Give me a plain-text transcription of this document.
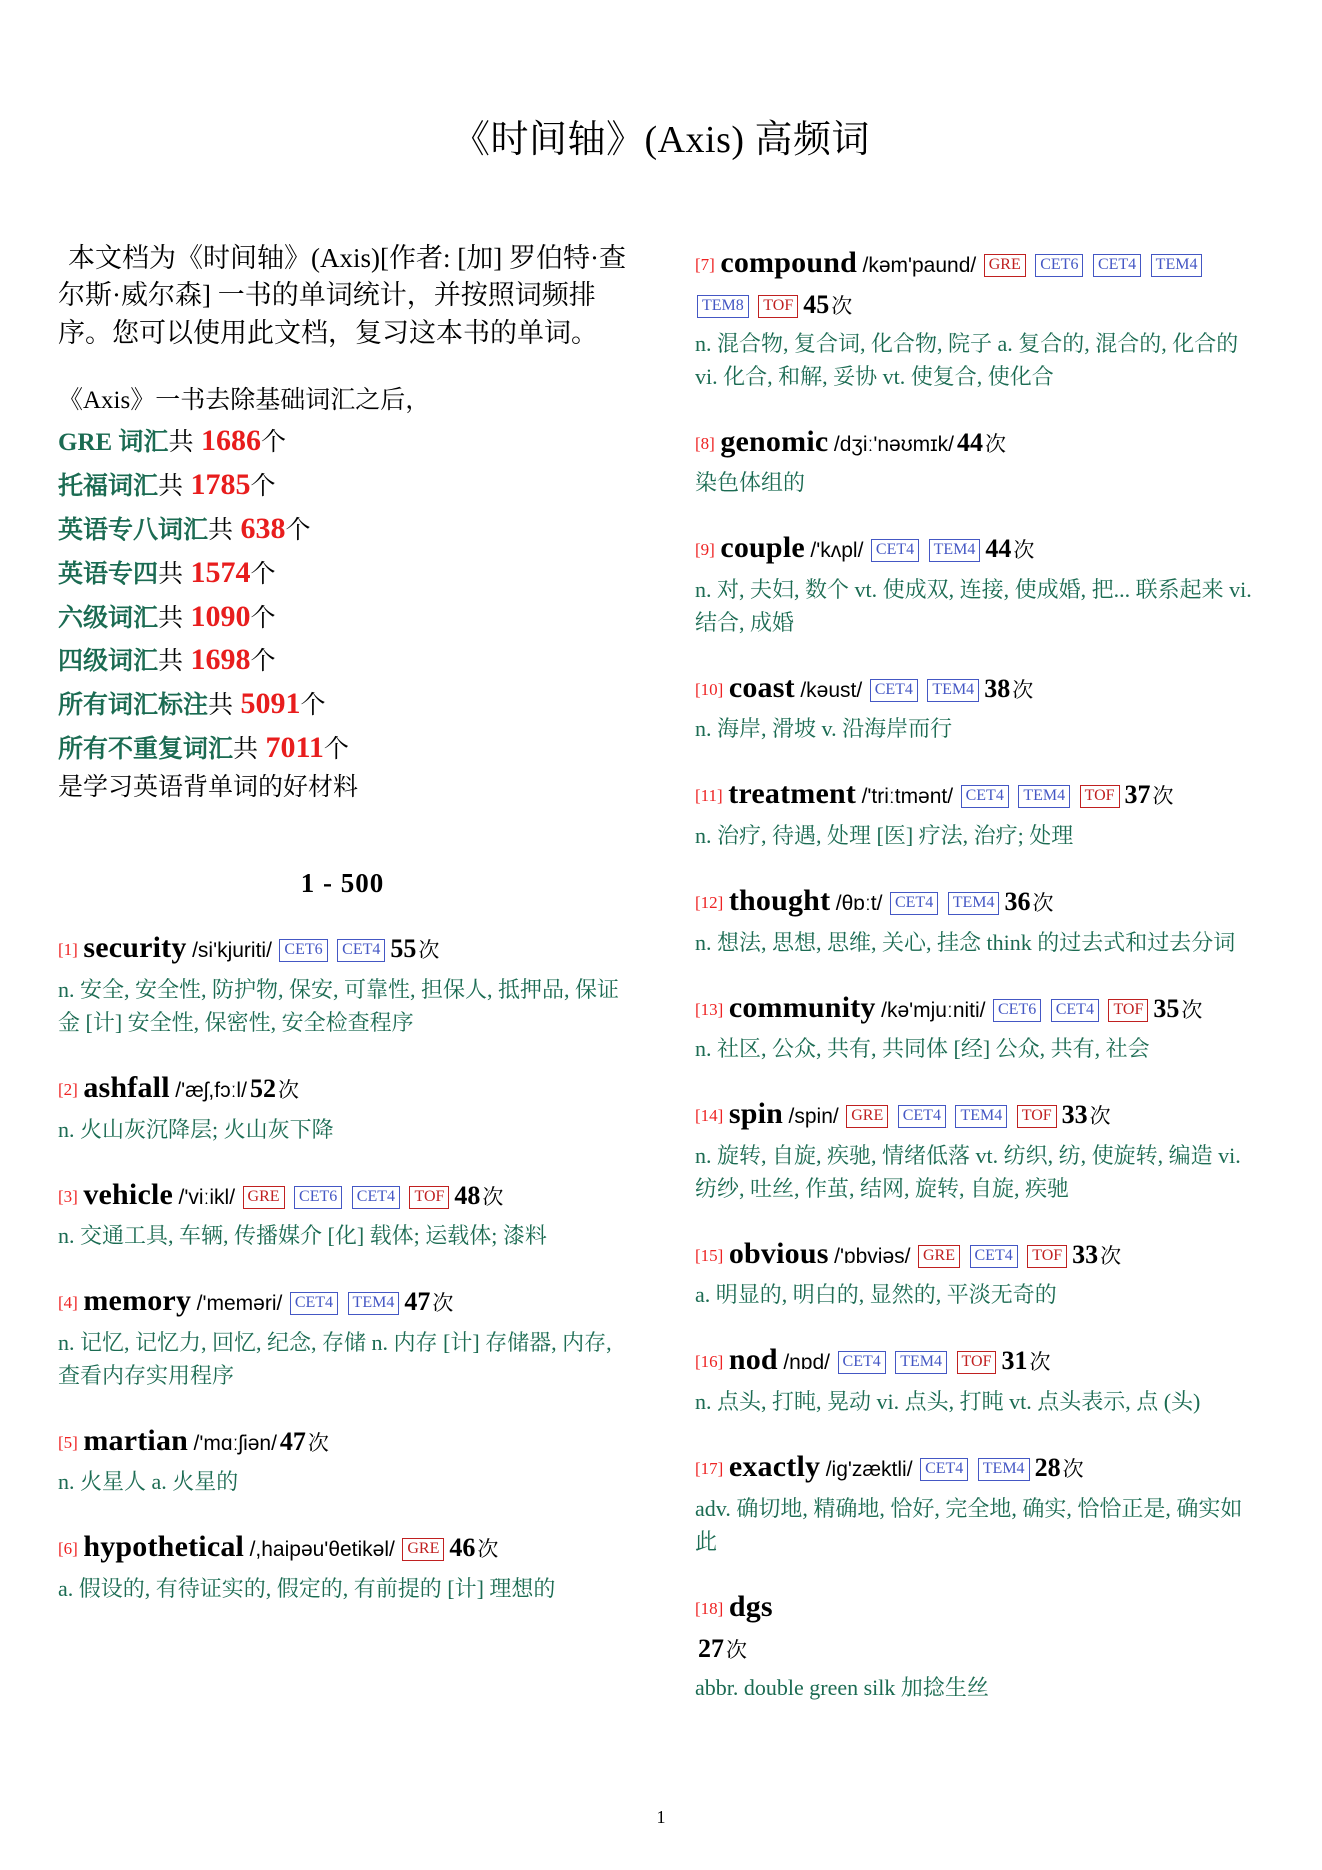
《时间轴》(Axis) 高频词

本文档为《时间轴》(Axis)[作者: [加] 罗伯特·查尔斯·威尔森] 一书的单词统计，并按照词频排序。您可以使用此文档，复习这本书的单词。

《Axis》一书去除基础词汇之后，

GRE 词汇共 1686个

托福词汇共 1785个

英语专八词汇共 638个

英语专四共 1574个

六级词汇共 1090个

四级词汇共 1698个

所有词汇标注共 5091个

所有不重复词汇共 7011个

是学习英语背单词的好材料

1 - 500
[1] security /si'kjuriti/ CET6 CET4 55次
n. 安全, 安全性, 防护物, 保安, 可靠性, 担保人, 抵押品, 保证金 [计] 安全性, 保密性, 安全检查程序
[2] ashfall /'æʃ,fɔːl/ 52次
n. 火山灰沉降层; 火山灰下降
[3] vehicle /'viːikl/ GRE CET6 CET4 TOF 48次
n. 交通工具, 车辆, 传播媒介 [化] 载体; 运载体; 漆料
[4] memory /'meməri/ CET4 TEM4 47次
n. 记忆, 记忆力, 回忆, 纪念, 存储 n. 内存 [计] 存储器, 内存, 查看内存实用程序
[5] martian /'mɑːʃiən/ 47次
n. 火星人 a. 火星的
[6] hypothetical /,haipəu'θetikəl/ GRE 46次
a. 假设的, 有待证实的, 假定的, 有前提的 [计] 理想的
[7] compound /kəm'paund/ GRE CET6 CET4 TEM4 TEM8 TOF 45次
n. 混合物, 复合词, 化合物, 院子 a. 复合的, 混合的, 化合的 vi. 化合, 和解, 妥协 vt. 使复合, 使化合
[8] genomic /dʒiː'nəʊmɪk/ 44次
染色体组的
[9] couple /'kʌpl/ CET4 TEM4 44次
n. 对, 夫妇, 数个 vt. 使成双, 连接, 使成婚, 把... 联系起来 vi. 结合, 成婚
[10] coast /kəust/ CET4 TEM4 38次
n. 海岸, 滑坡 v. 沿海岸而行
[11] treatment /'triːtmənt/ CET4 TEM4 TOF 37次
n. 治疗, 待遇, 处理 [医] 疗法, 治疗; 处理
[12] thought /θɒːt/ CET4 TEM4 36次
n. 想法, 思想, 思维, 关心, 挂念 think 的过去式和过去分词
[13] community /kə'mjuːniti/ CET6 CET4 TOF 35次
n. 社区, 公众, 共有, 共同体 [经] 公众, 共有, 社会
[14] spin /spin/ GRE CET4 TEM4 TOF 33次
n. 旋转, 自旋, 疾驰, 情绪低落 vt. 纺织, 纺, 使旋转, 编造 vi. 纺纱, 吐丝, 作茧, 结网, 旋转, 自旋, 疾驰
[15] obvious /'ɒbviəs/ GRE CET4 TOF 33次
a. 明显的, 明白的, 显然的, 平淡无奇的
[16] nod /nɒd/ CET4 TEM4 TOF 31次
n. 点头, 打盹, 晃动 vi. 点头, 打盹 vt. 点头表示, 点 (头)
[17] exactly /ig'zæktli/ CET4 TEM4 28次
adv. 确切地, 精确地, 恰好, 完全地, 确实, 恰恰正是, 确实如此
[18] dgs
27次
abbr. double green silk 加捻生丝
1
